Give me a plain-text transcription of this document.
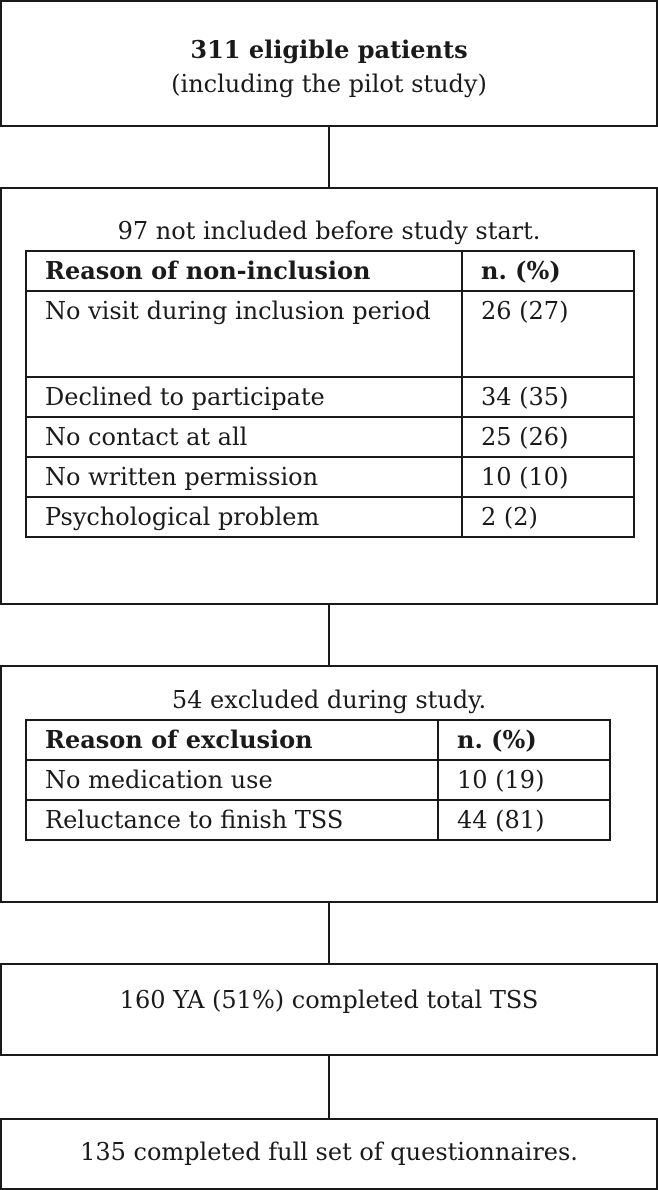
311 eligible patients
(including the pilot study)
97 not included before study start.
Reason of non-inclusion	n. (%)
No visit during inclusion period	26 (27)
Declined to participate	34 (35)
No contact at all	25 (26)
No written permission	10 (10)
Psychological problem	2 (2)
54 excluded during study.
Reason of exclusion	n. (%)
No medication use	10 (19)
Reluctance to finish TSS	44 (81)
160 YA (51%) completed total TSS
135 completed full set of questionnaires.
